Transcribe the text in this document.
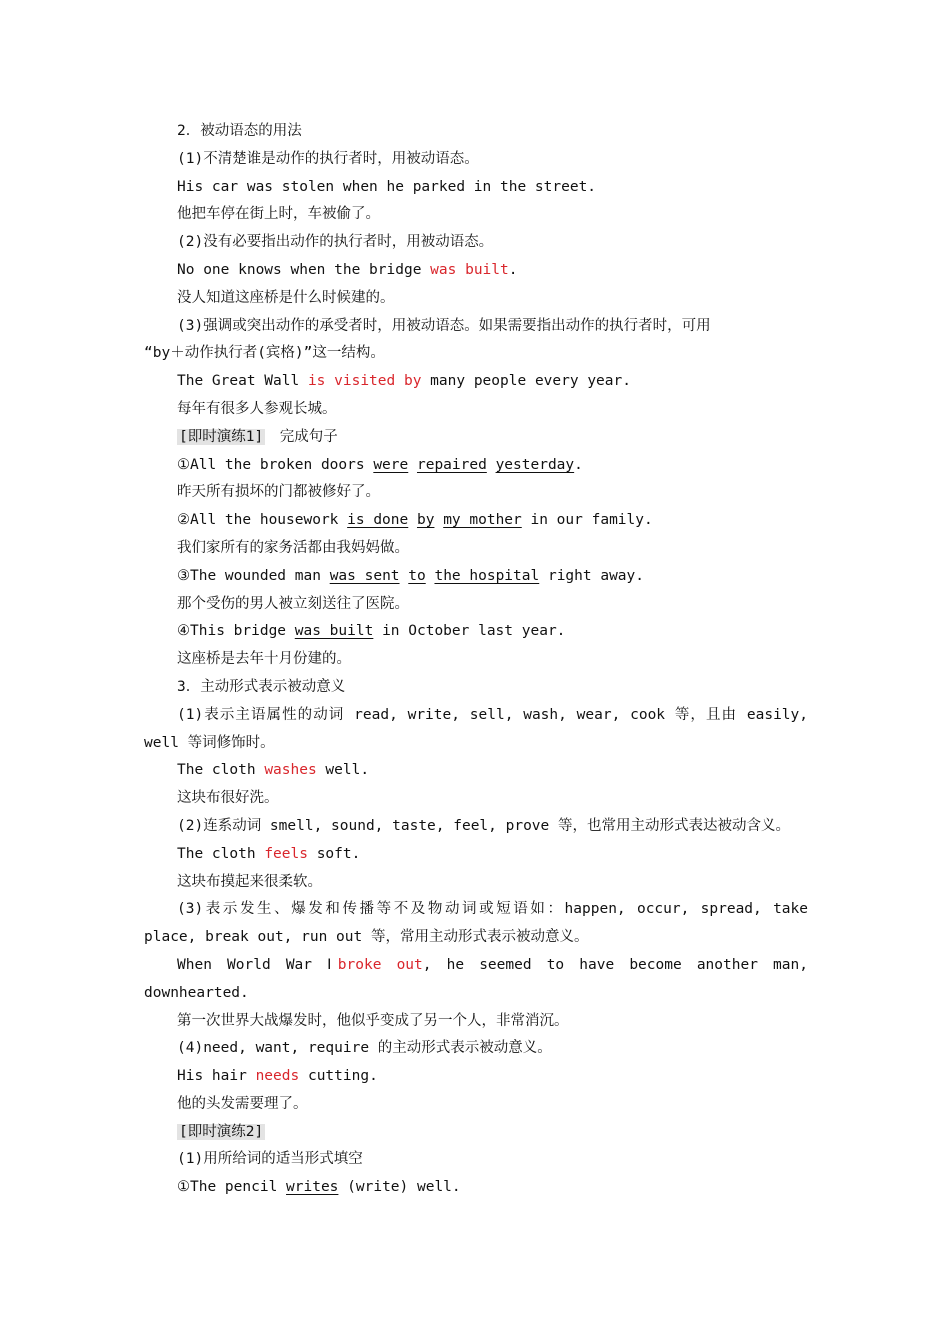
2．被动语态的用法
(1)不清楚谁是动作的执行者时，用被动语态。
His car was stolen when he parked in the street.
他把车停在街上时，车被偷了。
(2)没有必要指出动作的执行者时，用被动语态。
No one knows when the bridge was built.
没人知道这座桥是什么时候建的。
(3)强调或突出动作的承受者时，用被动语态。如果需要指出动作的执行者时，可用
“by＋动作执行者(宾格)”这一结构。
The Great Wall is visited by many people every year.
每年有很多人参观长城。
[即时演练1]　完成句子
①All the broken doors were repaired yesterday.
昨天所有损坏的门都被修好了。
②All the housework is done by my mother in our family.
我们家所有的家务活都由我妈妈做。
③The wounded man was sent to the hospital right away.
那个受伤的男人被立刻送往了医院。
④This bridge was built in October last year.
这座桥是去年十月份建的。
3．主动形式表示被动意义
(1)表示主语属性的动词 read, write, sell, wash, wear, cook 等，且由 easily,
well 等词修饰时。
The cloth washes well.
这块布很好洗。
(2)连系动词 smell, sound, taste, feel, prove 等，也常用主动形式表达被动含义。
The cloth feels soft.
这块布摸起来很柔软。
(3)表示发生、爆发和传播等不及物动词或短语如：happen, occur, spread, take
place, break out, run out 等，常用主动形式表示被动意义。
When World War Ⅰbroke out, he seemed to have become another man,
downhearted.
第一次世界大战爆发时，他似乎变成了另一个人，非常消沉。
(4)need, want, require 的主动形式表示被动意义。
His hair needs cutting.
他的头发需要理了。
[即时演练2]
(1)用所给词的适当形式填空
①The pencil writes (write) well.
